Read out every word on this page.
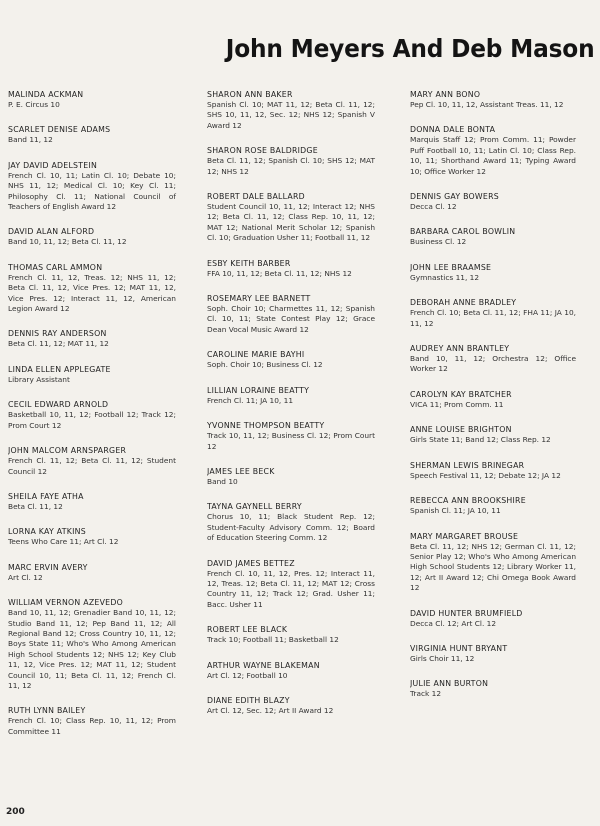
John Meyers And Deb Mason
MALINDA ACKMAN
P. E. Circus 10
SCARLET DENISE ADAMS
Band 11, 12
JAY DAVID ADELSTEIN
French Cl. 10, 11; Latin Cl. 10; Debate 10; NHS 11, 12; Medical Cl. 10; Key Cl. 11; Philosophy Cl. 11; National Council of Teachers of English Award 12
DAVID ALAN ALFORD
Band 10, 11, 12; Beta Cl. 11, 12
THOMAS CARL AMMON
French Cl. 11, 12, Treas. 12; NHS 11, 12; Beta Cl. 11, 12, Vice Pres. 12; MAT 11, 12, Vice Pres. 12; Interact 11, 12, American Legion Award 12
DENNIS RAY ANDERSON
Beta Cl. 11, 12; MAT 11, 12
LINDA ELLEN APPLEGATE
Library Assistant
CECIL EDWARD ARNOLD
Basketball 10, 11, 12; Football 12; Track 12; Prom Court 12
JOHN MALCOM ARNSPARGER
French Cl. 11, 12; Beta Cl. 11, 12; Student Council 12
SHEILA FAYE ATHA
Beta Cl. 11, 12
LORNA KAY ATKINS
Teens Who Care 11; Art Cl. 12
MARC ERVIN AVERY
Art Cl. 12
WILLIAM VERNON AZEVEDO
Band 10, 11, 12; Grenadier Band 10, 11, 12; Studio Band 11, 12; Pep Band 11, 12; All Regional Band 12; Cross Country 10, 11, 12; Boys State 11; Who's Who Among American High School Students 12; NHS 12; Key Club 11, 12, Vice Pres. 12; MAT 11, 12; Student Council 10, 11; Beta Cl. 11, 12; French Cl. 11, 12
RUTH LYNN BAILEY
French Cl. 10; Class Rep. 10, 11, 12; Prom Committee 11
SHARON ANN BAKER
Spanish Cl. 10; MAT 11, 12; Beta Cl. 11, 12; SHS 10, 11, 12, Sec. 12; NHS 12; Spanish V Award 12
SHARON ROSE BALDRIDGE
Beta Cl. 11, 12; Spanish Cl. 10; SHS 12; MAT 12; NHS 12
ROBERT DALE BALLARD
Student Council 10, 11, 12; Interact 12; NHS 12; Beta Cl. 11, 12; Class Rep. 10, 11, 12; MAT 12; National Merit Scholar 12; Spanish Cl. 10; Graduation Usher 11; Football 11, 12
ESBY KEITH BARBER
FFA 10, 11, 12; Beta Cl. 11, 12; NHS 12
ROSEMARY LEE BARNETT
Soph. Choir 10; Charmettes 11, 12; Spanish Cl. 10, 11; State Contest Play 12; Grace Dean Vocal Music Award 12
CAROLINE MARIE BAYHI
Soph. Choir 10; Business Cl. 12
LILLIAN LORAINE BEATTY
French Cl. 11; JA 10, 11
YVONNE THOMPSON BEATTY
Track 10, 11, 12; Business Cl. 12; Prom Court 12
JAMES LEE BECK
Band 10
TAYNA GAYNELL BERRY
Chorus 10, 11; Black Student Rep. 12; Student-Faculty Advisory Comm. 12; Board of Education Steering Comm. 12
DAVID JAMES BETTEZ
French Cl. 10, 11, 12, Pres. 12; Interact 11, 12, Treas. 12; Beta Cl. 11, 12; MAT 12; Cross Country 11, 12; Track 12; Grad. Usher 11; Bacc. Usher 11
ROBERT LEE BLACK
Track 10; Football 11; Basketball 12
ARTHUR WAYNE BLAKEMAN
Art Cl. 12; Football 10
DIANE EDITH BLAZY
Art Cl. 12, Sec. 12; Art II Award 12
MARY ANN BONO
Pep Cl. 10, 11, 12, Assistant Treas. 11, 12
DONNA DALE BONTA
Marquis Staff 12; Prom Comm. 11; Powder Puff Football 10, 11; Latin Cl. 10; Class Rep. 10, 11; Shorthand Award 11; Typing Award 10; Office Worker 12
DENNIS GAY BOWERS
Decca Cl. 12
BARBARA CAROL BOWLIN
Business Cl. 12
JOHN LEE BRAAMSE
Gymnastics 11, 12
DEBORAH ANNE BRADLEY
French Cl. 10; Beta Cl. 11, 12; FHA 11; JA 10, 11, 12
AUDREY ANN BRANTLEY
Band 10, 11, 12; Orchestra 12; Office Worker 12
CAROLYN KAY BRATCHER
VICA 11; Prom Comm. 11
ANNE LOUISE BRIGHTON
Girls State 11; Band 12; Class Rep. 12
SHERMAN LEWIS BRINEGAR
Speech Festival 11, 12; Debate 12; JA 12
REBECCA ANN BROOKSHIRE
Spanish Cl. 11; JA 10, 11
MARY MARGARET BROUSE
Beta Cl. 11, 12; NHS 12; German Cl. 11, 12; Senior Play 12; Who's Who Among American High School Students 12; Library Worker 11, 12; Art II Award 12; Chi Omega Book Award 12
DAVID HUNTER BRUMFIELD
Decca Cl. 12; Art Cl. 12
VIRGINIA HUNT BRYANT
Girls Choir 11, 12
JULIE ANN BURTON
Track 12
200
